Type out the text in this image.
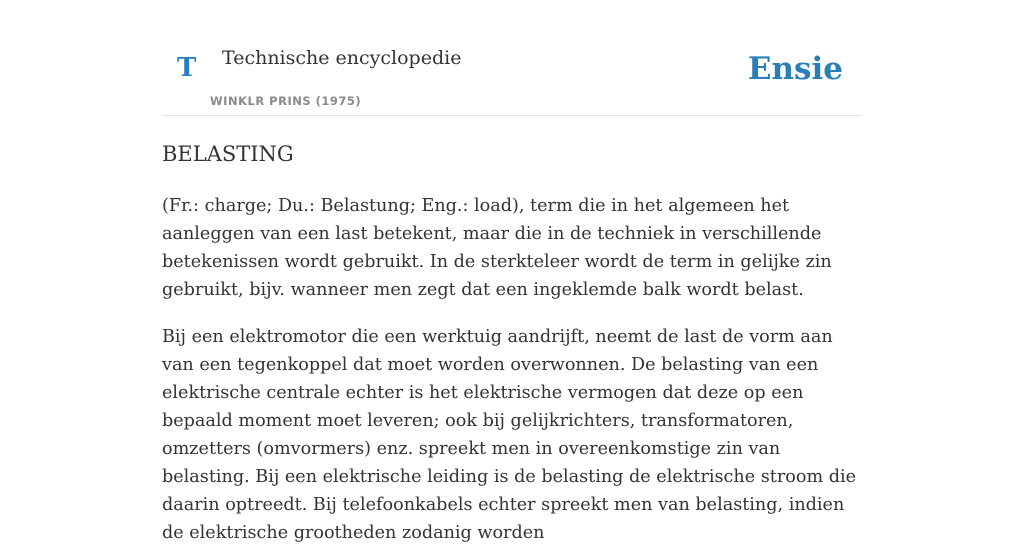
T Technische encyclopedie
WINKLR PRINS (1975)
Ensie
BELASTING

(Fr.: charge; Du.: Belastung; Eng.: load), term die in het algemeen het aanleggen van een last betekent, maar die in de techniek in verschillende betekenissen wordt gebruikt. In de sterkteleer wordt de term in gelijke zin gebruikt, bijv. wanneer men zegt dat een ingeklemde balk wordt belast.

Bij een elektromotor die een werktuig aandrijft, neemt de last de vorm aan van een tegenkoppel dat moet worden overwonnen. De belasting van een elektrische centrale echter is het elektrische vermogen dat deze op een bepaald moment moet leveren; ook bij gelijkrichters, transformatoren, omzetters (omvormers) enz. spreekt men in overeenkomstige zin van belasting. Bij een elektrische leiding is de belasting de elektrische stroom die daarin optreedt. Bij telefoonkabels echter spreekt men van belasting, indien de elektrische grootheden zodanig worden
